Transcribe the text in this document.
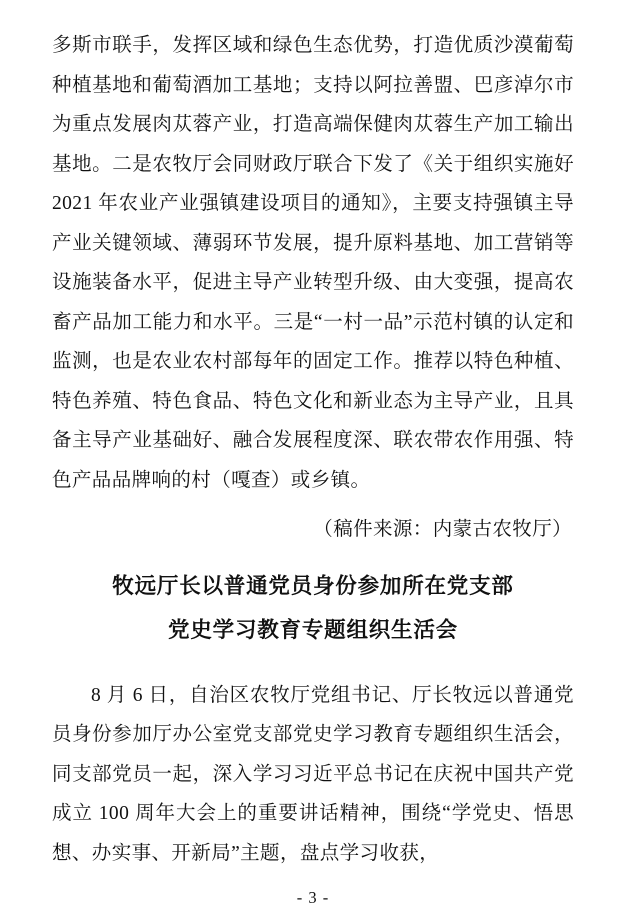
多斯市联手，发挥区域和绿色生态优势，打造优质沙漠葡萄种植基地和葡萄酒加工基地；支持以阿拉善盟、巴彦淖尔市为重点发展肉苁蓉产业，打造高端保健肉苁蓉生产加工输出基地。二是农牧厅会同财政厅联合下发了《关于组织实施好 2021 年农业产业强镇建设项目的通知》，主要支持强镇主导产业关键领域、薄弱环节发展，提升原料基地、加工营销等设施装备水平，促进主导产业转型升级、由大变强，提高农畜产品加工能力和水平。三是“一村一品”示范村镇的认定和监测，也是农业农村部每年的固定工作。推荐以特色种植、特色养殖、特色食品、特色文化和新业态为主导产业，且具备主导产业基础好、融合发展程度深、联农带农作用强、特色产品品牌响的村（嘎查）或乡镇。

（稿件来源：内蒙古农牧厅）

牧远厅长以普通党员身份参加所在党支部
党史学习教育专题组织生活会

8 月 6 日，自治区农牧厅党组书记、厅长牧远以普通党员身份参加厅办公室党支部党史学习教育专题组织生活会，同支部党员一起，深入学习习近平总书记在庆祝中国共产党成立 100 周年大会上的重要讲话精神，围绕“学党史、悟思想、办实事、开新局”主题，盘点学习收获，

- 3 -
